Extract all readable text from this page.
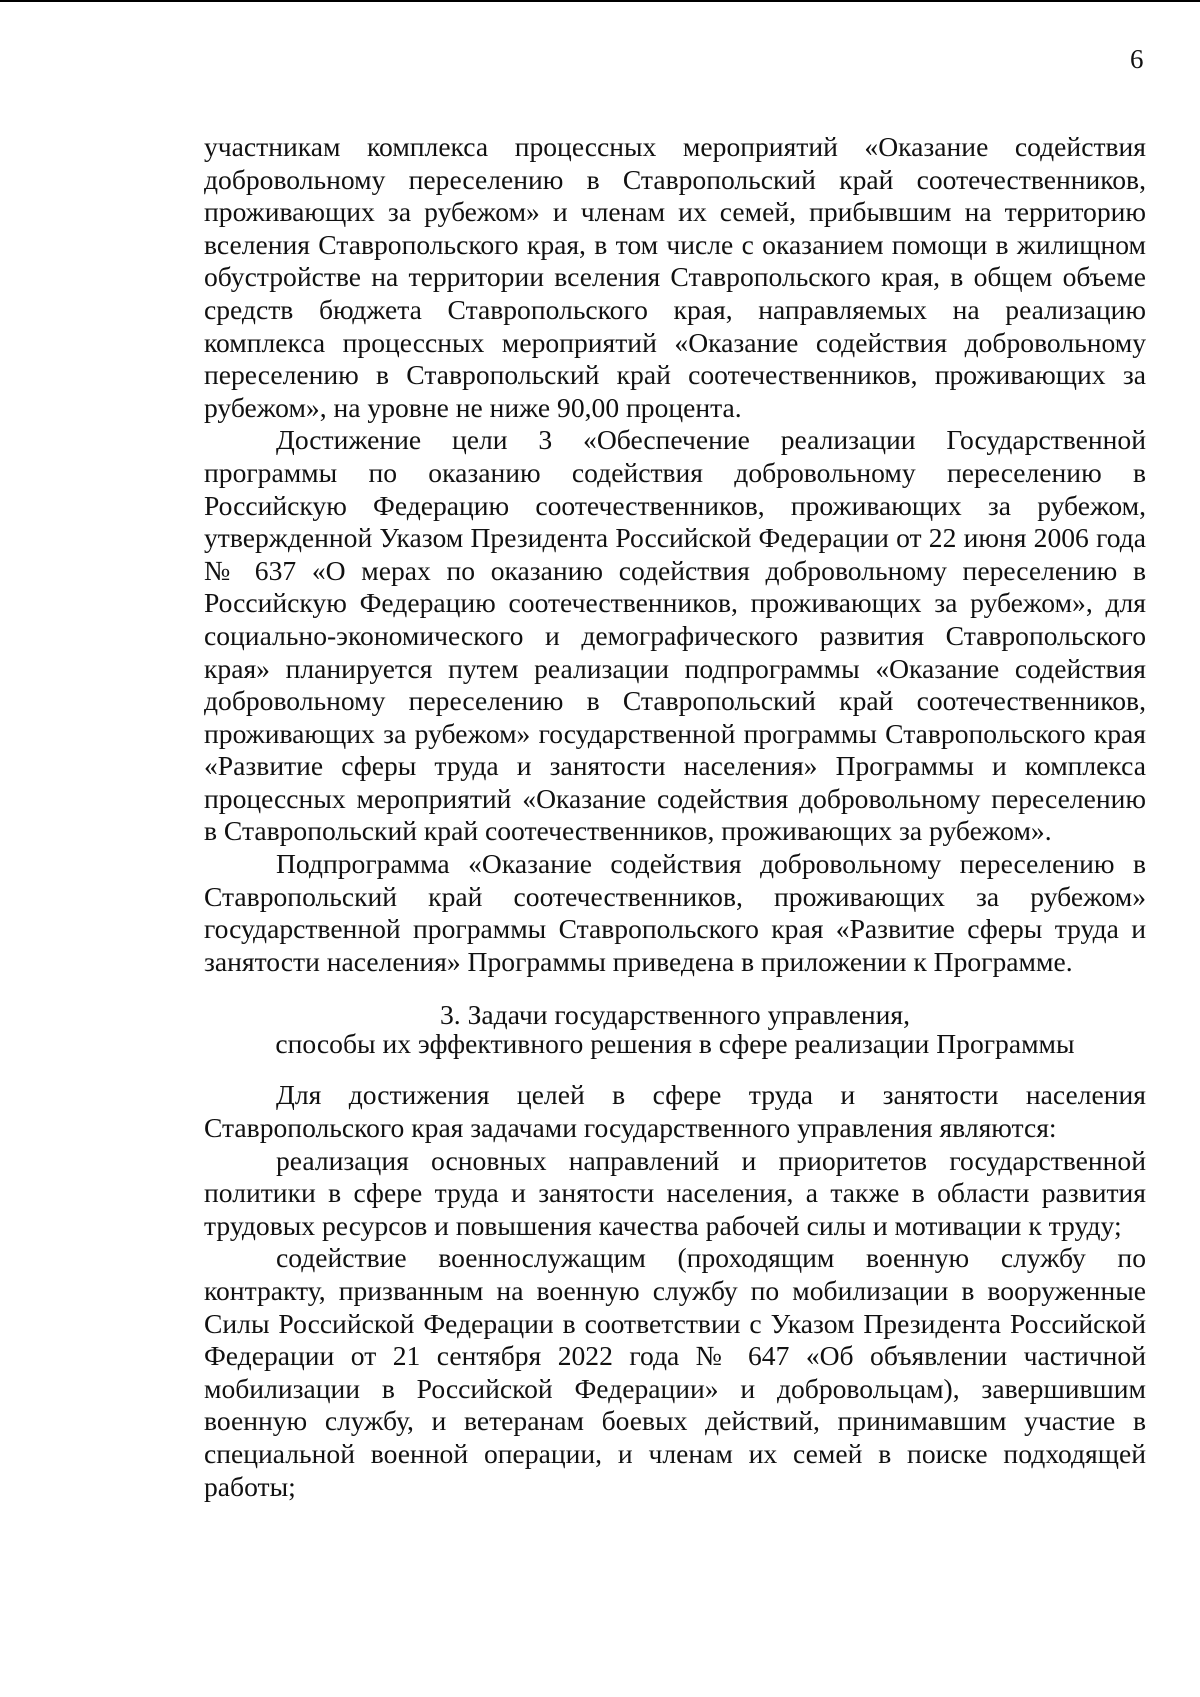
6

участникам комплекса процессных мероприятий «Оказание содействия добровольному переселению в Ставропольский край соотечественников, проживающих за рубежом» и членам их семей, прибывшим на территорию вселения Ставропольского края, в том числе с оказанием помощи в жилищном обустройстве на территории вселения Ставропольского края, в общем объеме средств бюджета Ставропольского края, направляемых на реализацию комплекса процессных мероприятий «Оказание содействия добровольному переселению в Ставропольский край соотечественников, проживающих за рубежом», на уровне не ниже 90,00 процента.

Достижение цели 3 «Обеспечение реализации Государственной программы по оказанию содействия добровольному переселению в Российскую Федерацию соотечественников, проживающих за рубежом, утвержденной Указом Президента Российской Федерации от 22 июня 2006 года № 637 «О мерах по оказанию содействия добровольному переселению в Российскую Федерацию соотечественников, проживающих за рубежом», для социально-экономического и демографического развития Ставропольского края» планируется путем реализации подпрограммы «Оказание содействия добровольному переселению в Ставропольский край соотечественников, проживающих за рубежом» государственной программы Ставропольского края «Развитие сферы труда и занятости населения» Программы и комплекса процессных мероприятий «Оказание содействия добровольному переселению в Ставропольский край соотечественников, проживающих за рубежом».

Подпрограмма «Оказание содействия добровольному переселению в Ставропольский край соотечественников, проживающих за рубежом» государственной программы Ставропольского края «Развитие сферы труда и занятости населения» Программы приведена в приложении к Программе.

3. Задачи государственного управления,
способы их эффективного решения в сфере реализации Программы

Для достижения целей в сфере труда и занятости населения Ставропольского края задачами государственного управления являются:

реализация основных направлений и приоритетов государственной политики в сфере труда и занятости населения, а также в области развития трудовых ресурсов и повышения качества рабочей силы и мотивации к труду;

содействие военнослужащим (проходящим военную службу по контракту, призванным на военную службу по мобилизации в вооруженные Силы Российской Федерации в соответствии с Указом Президента Российской Федерации от 21 сентября 2022 года № 647 «Об объявлении частичной мобилизации в Российской Федерации» и добровольцам), завершившим военную службу, и ветеранам боевых действий, принимавшим участие в специальной военной операции, и членам их семей в поиске подходящей работы;
